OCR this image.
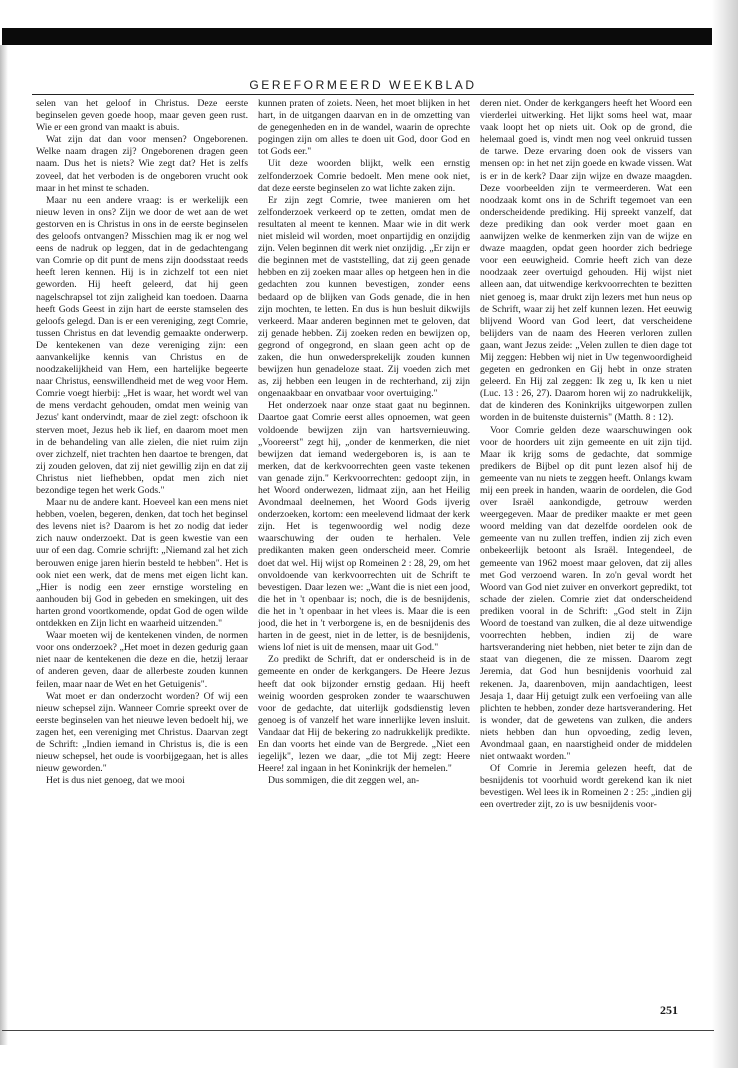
GEREFORMEERD WEEKBLAD

selen van het geloof in Christus. Deze eerste beginselen geven goede hoop, maar geven geen rust. Wie er een grond van maakt is abuis.

Wat zijn dat dan voor mensen? Ongeborenen. Welke naam dragen zij? Ongeborenen dragen geen naam. Dus het is niets? Wie zegt dat? Het is zelfs zoveel, dat het verboden is de ongeboren vrucht ook maar in het minst te schaden.

Maar nu een andere vraag: is er werkelijk een nieuw leven in ons? Zijn we door de wet aan de wet gestorven en is Christus in ons in de eerste beginselen des geloofs ontvangen? Misschien mag ik er nog wel eens de nadruk op leggen, dat in de gedachtengang van Comrie op dit punt de mens zijn doodsstaat reeds heeft leren kennen. Hij is in zichzelf tot een niet geworden. Hij heeft geleerd, dat hij geen nagelschrapsel tot zijn zaligheid kan toedoen. Daarna heeft Gods Geest in zijn hart de eerste stamselen des geloofs gelegd. Dan is er een vereniging, zegt Comrie, tussen Christus en dat levendig gemaakte onderwerp. De kentekenen van deze vereniging zijn: een aanvankelijke kennis van Christus en de noodzakelijkheid van Hem, een hartelijke begeerte naar Christus, eenswillendheid met de weg voor Hem. Comrie voegt hierbij: „Het is waar, het wordt wel van de mens verdacht gehouden, omdat men weinig van Jezus' kant ondervindt, maar de ziel zegt: ofschoon ik sterven moet, Jezus heb ik lief, en daarom moet men in de behandeling van alle zielen, die niet ruim zijn over zichzelf, niet trachten hen daartoe te brengen, dat zij zouden geloven, dat zij niet gewillig zijn en dat zij Christus niet liefhebben, opdat men zich niet bezondige tegen het werk Gods."

Maar nu de andere kant. Hoeveel kan een mens niet hebben, voelen, begeren, denken, dat toch het beginsel des levens niet is? Daarom is het zo nodig dat ieder zich nauw onderzoekt. Dat is geen kwestie van een uur of een dag. Comrie schrijft: „Niemand zal het zich berouwen enige jaren hierin besteld te hebben". Het is ook niet een werk, dat de mens met eigen licht kan. „Hier is nodig een zeer ernstige worsteling en aanhouden bij God in gebeden en smekingen, uit des harten grond voortkomende, opdat God de ogen wilde ontdekken en Zijn licht en waarheid uitzenden."

Waar moeten wij de kentekenen vinden, de normen voor ons onderzoek? „Het moet in dezen gedurig gaan niet naar de kentekenen die deze en die, hetzij leraar of anderen geven, daar de allerbeste zouden kunnen feilen, maar naar de Wet en het Getuigenis".

Wat moet er dan onderzocht worden? Of wij een nieuw schepsel zijn. Wanneer Comrie spreekt over de eerste beginselen van het nieuwe leven bedoelt hij, we zagen het, een vereniging met Christus. Daarvan zegt de Schrift: „Indien iemand in Christus is, die is een nieuw schepsel, het oude is voorbijgegaan, het is alles nieuw geworden."

Het is dus niet genoeg, dat we mooi

kunnen praten of zoiets. Neen, het moet blijken in het hart, in de uitgangen daarvan en in de omzetting van de genegenheden en in de wandel, waarin de oprechte pogingen zijn om alles te doen uit God, door God en tot Gods eer."

Uit deze woorden blijkt, welk een ernstig zelfonderzoek Comrie bedoelt. Men mene ook niet, dat deze eerste beginselen zo wat lichte zaken zijn.

Er zijn zegt Comrie, twee manieren om het zelfonderzoek verkeerd op te zetten, omdat men de resultaten al meent te kennen. Maar wie in dit werk niet misleid wil worden, moet onpartijdig en onzijdig zijn. Velen beginnen dit werk niet onzijdig. „Er zijn er die beginnen met de vaststelling, dat zij geen genade hebben en zij zoeken maar alles op hetgeen hen in die gedachten zou kunnen bevestigen, zonder eens bedaard op de blijken van Gods genade, die in hen zijn mochten, te letten. En dus is hun besluit dikwijls verkeerd. Maar anderen beginnen met te geloven, dat zij genade hebben. Zij zoeken reden en bewijzen op, gegrond of ongegrond, en slaan geen acht op de zaken, die hun onwedersprekelijk zouden kunnen bewijzen hun genadeloze staat. Zij voeden zich met as, zij hebben een leugen in de rechterhand, zij zijn ongenaakbaar en onvatbaar voor overtuiging."

Het onderzoek naar onze staat gaat nu beginnen. Daartoe gaat Comrie eerst alles opnoemen, wat geen voldoende bewijzen zijn van hartsvernieuwing. „Vooreerst" zegt hij, „onder de kenmerken, die niet bewijzen dat iemand wedergeboren is, is aan te merken, dat de kerkvoorrechten geen vaste tekenen van genade zijn." Kerkvoorrechten: gedoopt zijn, in het Woord onderwezen, lidmaat zijn, aan het Heilig Avondmaal deelnemen, het Woord Gods ijverig onderzoeken, kortom: een meelevend lidmaat der kerk zijn. Het is tegenwoordig wel nodig deze waarschuwing der ouden te herhalen. Vele predikanten maken geen onderscheid meer. Comrie doet dat wel. Hij wijst op Romeinen 2 : 28, 29, om het onvoldoende van kerkvoorrechten uit de Schrift te bevestigen. Daar lezen we: „Want die is niet een jood, die het in 't openbaar is; noch, die is de besnijdenis, die het in 't openbaar in het vlees is. Maar die is een jood, die het in 't verborgene is, en de besnijdenis des harten in de geest, niet in de letter, is de besnijdenis, wiens lof niet is uit de mensen, maar uit God."

Zo predikt de Schrift, dat er onderscheid is in de gemeente en onder de kerkgangers. De Heere Jezus heeft dat ook bijzonder ernstig gedaan. Hij heeft weinig woorden gesproken zonder te waarschuwen voor de gedachte, dat uiterlijk godsdienstig leven genoeg is of vanzelf het ware innerlijke leven insluit. Vandaar dat Hij de bekering zo nadrukkelijk predikte. En dan voorts het einde van de Bergrede. „Niet een iegelijk", lezen we daar, „die tot Mij zegt: Heere Heere! zal ingaan in het Koninkrijk der hemelen."

Dus sommigen, die dit zeggen wel, an-

deren niet. Onder de kerkgangers heeft het Woord een vierderlei uitwerking. Het lijkt soms heel wat, maar vaak loopt het op niets uit. Ook op de grond, die helemaal goed is, vindt men nog veel onkruid tussen de tarwe. Deze ervaring doen ook de vissers van mensen op: in het net zijn goede en kwade vissen. Wat is er in de kerk? Daar zijn wijze en dwaze maagden. Deze voorbeelden zijn te vermeerderen. Wat een noodzaak komt ons in de Schrift tegemoet van een onderscheidende prediking. Hij spreekt vanzelf, dat deze prediking dan ook verder moet gaan en aanwijzen welke de kenmerken zijn van de wijze en dwaze maagden, opdat geen hoorder zich bedriege voor een eeuwigheid. Comrie heeft zich van deze noodzaak zeer overtuigd gehouden. Hij wijst niet alleen aan, dat uitwendige kerkvoorrechten te bezitten niet genoeg is, maar drukt zijn lezers met hun neus op de Schrift, waar zij het zelf kunnen lezen. Het eeuwig blijvend Woord van God leert, dat verscheidene belijders van de naam des Heeren verloren zullen gaan, want Jezus zeide: „Velen zullen te dien dage tot Mij zeggen: Hebben wij niet in Uw tegenwoordigheid gegeten en gedronken en Gij hebt in onze straten geleerd. En Hij zal zeggen: Ik zeg u, Ik ken u niet (Luc. 13 : 26, 27). Daarom horen wij zo nadrukkelijk, dat de kinderen des Koninkrijks uitgeworpen zullen worden in de buitenste duisternis" (Matth. 8 : 12).

Voor Comrie gelden deze waarschuwingen ook voor de hoorders uit zijn gemeente en uit zijn tijd. Maar ik krijg soms de gedachte, dat sommige predikers de Bijbel op dit punt lezen alsof hij de gemeente van nu niets te zeggen heeft. Onlangs kwam mij een preek in handen, waarin de oordelen, die God over Israël aankondigde, getrouw werden weergegeven. Maar de prediker maakte er met geen woord melding van dat dezelfde oordelen ook de gemeente van nu zullen treffen, indien zij zich even onbekeerlijk betoont als Israël. Integendeel, de gemeente van 1962 moest maar geloven, dat zij alles met God verzoend waren. In zo'n geval wordt het Woord van God niet zuiver en onverkort gepredikt, tot schade der zielen. Comrie ziet dat onderscheidend prediken vooral in de Schrift: „God stelt in Zijn Woord de toestand van zulken, die al deze uitwendige voorrechten hebben, indien zij de ware hartsverandering niet hebben, niet beter te zijn dan de staat van diegenen, die ze missen. Daarom zegt Jeremia, dat God hun besnijdenis voorhuid zal rekenen. Ja, daarenboven, mijn aandachtigen, leest Jesaja 1, daar Hij getuigt zulk een verfoeiing van alle plichten te hebben, zonder deze hartsverandering. Het is wonder, dat de gewetens van zulken, die anders niets hebben dan hun opvoeding, zedig leven, Avondmaal gaan, en naarstigheid onder de middelen niet ontwaakt worden."

Of Comrie in Jeremia gelezen heeft, dat de besnijdenis tot voorhuid wordt gerekend kan ik niet bevestigen. Wel lees ik in Romeinen 2 : 25: „indien gij een overtreder zijt, zo is uw besnijdenis voor-

251
